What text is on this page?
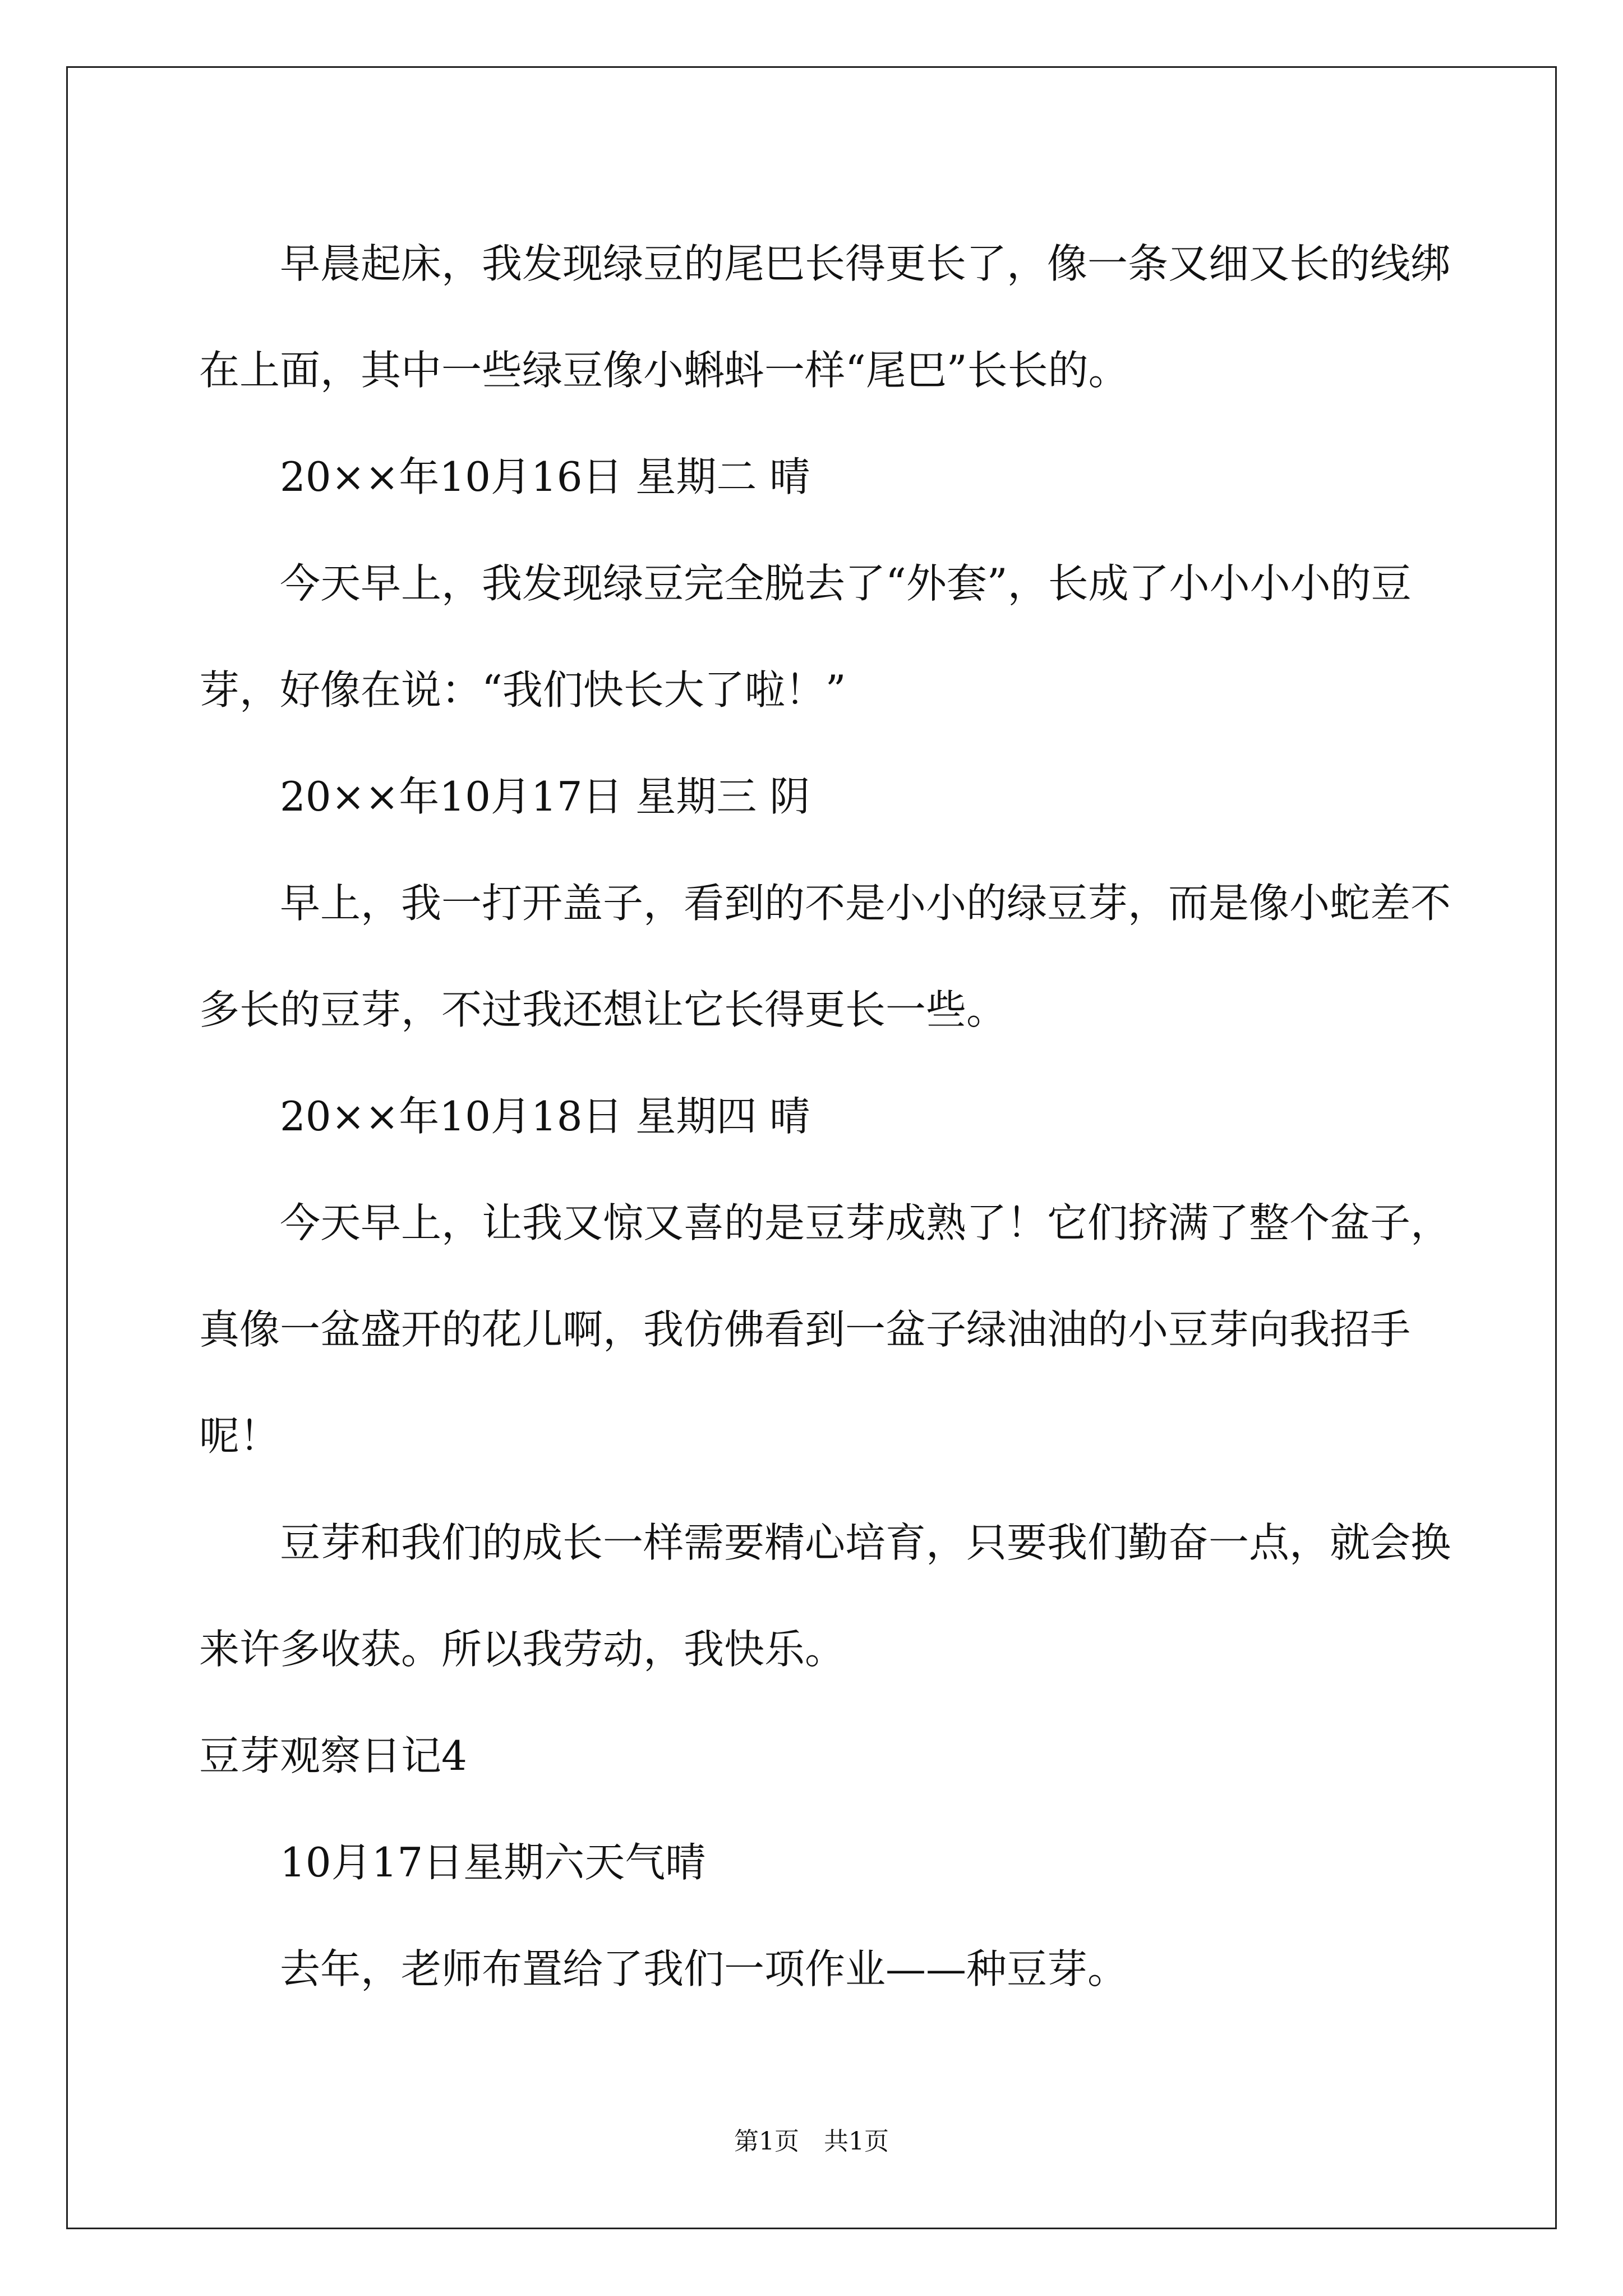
早晨起床，我发现绿豆的尾巴长得更长了，像一条又细又长的线绑在上面，其中一些绿豆像小蝌蚪一样“尾巴”长长的。

20××年10月16日 星期二 晴

今天早上，我发现绿豆完全脱去了“外套”，长成了小小小小的豆芽，好像在说：“我们快长大了啦！”

20××年10月17日 星期三 阴

早上，我一打开盖子，看到的不是小小的绿豆芽，而是像小蛇差不多长的豆芽，不过我还想让它长得更长一些。

20××年10月18日 星期四 晴

今天早上，让我又惊又喜的是豆芽成熟了！它们挤满了整个盆子，真像一盆盛开的花儿啊，我仿佛看到一盆子绿油油的小豆芽向我招手呢！

豆芽和我们的成长一样需要精心培育，只要我们勤奋一点，就会换来许多收获。所以我劳动，我快乐。

豆芽观察日记4

10月17日星期六天气晴

去年，老师布置给了我们一项作业——种豆芽。

第1页 共1页
